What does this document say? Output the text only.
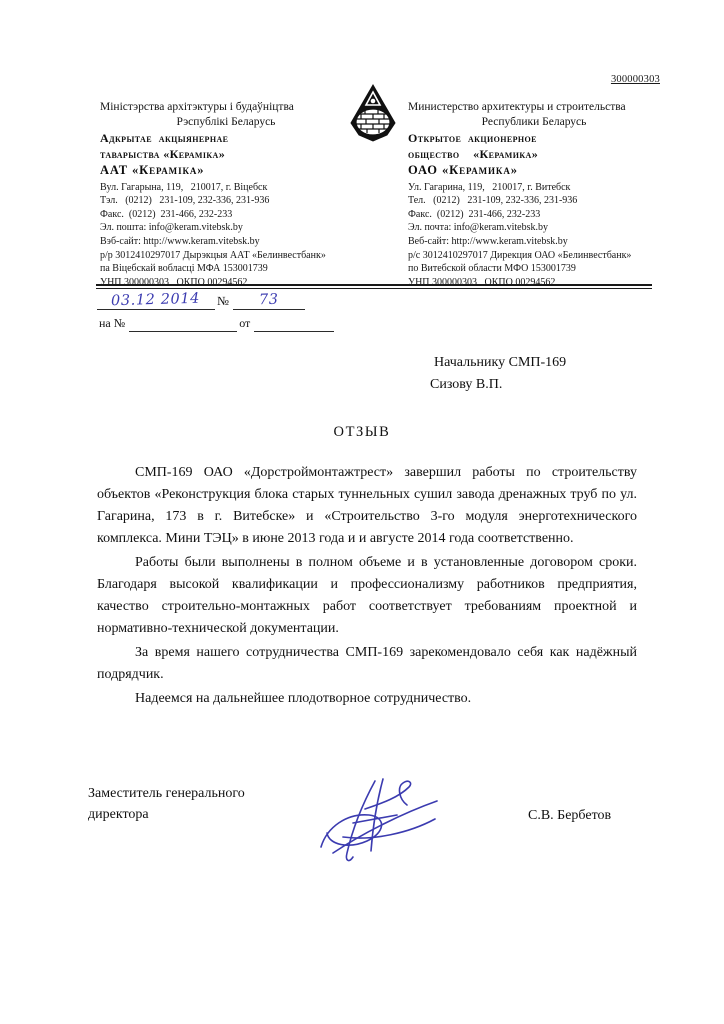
300000303
Міністэрства архітэктуры і будаўніцтва
Рэспублікі Беларусь
Адкрытае  акцыянернае
таварыства «Кераміка»
ААТ «Кераміка»
Вул. Гагарына, 119,   210017, г. Віцебск
Тэл.   (0212)   231-109, 232-336, 231-936
Факс.  (0212)  231-466, 232-233
Эл. пошта: info@keram.vitebsk.by
Вэб-сайт: http://www.keram.vitebsk.by
р/р 3012410297017 Дырэкцыя ААТ «Белинвестбанк»
па Віцебскай вобласці МФА 153001739
УНП 300000303   ОКПО 00294562
Министерство архитектуры и строительства
Республики Беларусь
Открытое  акционерное
общество    «Керамика»
ОАО «Керамика»
Ул. Гагарина, 119,   210017, г. Витебск
Тел.   (0212)   231-109, 232-336, 231-936
Факс.  (0212)  231-466, 232-233
Эл. почта: info@keram.vitebsk.by
Веб-сайт: http://www.keram.vitebsk.by
р/с 3012410297017 Дирекция ОАО «Белинвестбанк»
по Витебской области МФО 153001739
УНП 300000303   ОКПО 00294562
03.12 2014	№	73
на №	от
Начальнику СМП-169
Сизову В.П.
ОТЗЫВ

СМП-169 ОАО «Дорстроймонтажтрест» завершил работы по строительству объектов «Реконструкция блока старых туннельных сушил завода дренажных труб по ул. Гагарина, 173 в г. Витебске» и «Строительство 3-го модуля энерготехнического комплекса. Мини ТЭЦ» в июне 2013 года и и августе 2014 года соответственно.

Работы были выполнены в полном объеме и в установленные договором сроки. Благодаря высокой квалификации и профессионализму работников предприятия, качество строительно-монтажных работ соответствует требованиям проектной и нормативно-технической документации.

За время нашего сотрудничества СМП-169 зарекомендовало себя как надёжный подрядчик.

Надеемся на дальнейшее плодотворное сотрудничество.

Заместитель генерального
директора	С.В. Бербетов
